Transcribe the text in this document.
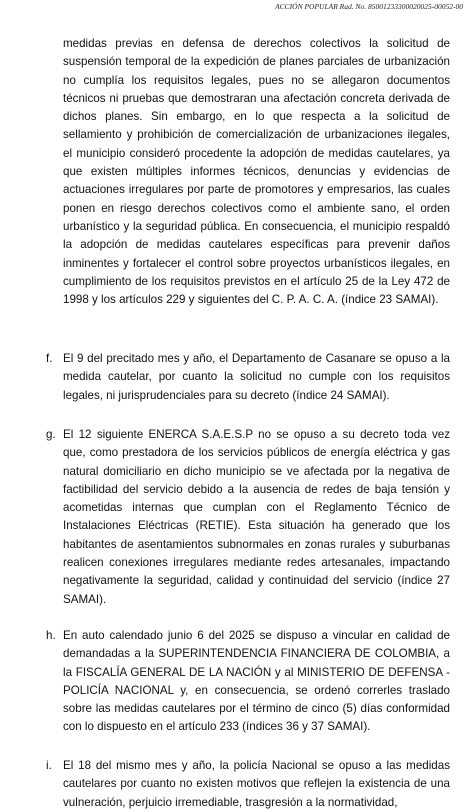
ACCIÓN POPULAR Rad. No. 85001233300020025-00052-00

medidas previas en defensa de derechos colectivos la solicitud de suspensión temporal de la expedición de planes parciales de urbanización no cumplía los requisitos legales, pues no se allegaron documentos técnicos ni pruebas que demostraran una afectación concreta derivada de dichos planes. Sin embargo, en lo que respecta a la solicitud de sellamiento y prohibición de comercialización de urbanizaciones ilegales, el municipio consideró procedente la adopción de medidas cautelares, ya que existen múltiples informes técnicos, denuncias y evidencias de actuaciones irregulares por parte de promotores y empresarios, las cuales ponen en riesgo derechos colectivos como el ambiente sano, el orden urbanístico y la seguridad pública. En consecuencia, el municipio respaldó la adopción de medidas cautelares específicas para prevenir daños inminentes y fortalecer el control sobre proyectos urbanísticos ilegales, en cumplimiento de los requisitos previstos en el artículo 25 de la Ley 472 de 1998 y los artículos 229 y siguientes del C. P. A. C. A. (índice 23 SAMAI).

f. El 9 del precitado mes y año, el Departamento de Casanare se opuso a la medida cautelar, por cuanto la solicitud no cumple con los requisitos legales, ni jurisprudenciales para su decreto (índice 24 SAMAI).

g. El 12 siguiente ENERCA S.A.E.S.P no se opuso a su decreto toda vez que, como prestadora de los servicios públicos de energía eléctrica y gas natural domiciliario en dicho municipio se ve afectada por la negativa de factibilidad del servicio debido a la ausencia de redes de baja tensión y acometidas internas que cumplan con el Reglamento Técnico de Instalaciones Eléctricas (RETIE). Esta situación ha generado que los habitantes de asentamientos subnormales en zonas rurales y suburbanas realicen conexiones irregulares mediante redes artesanales, impactando negativamente la seguridad, calidad y continuidad del servicio (índice 27 SAMAI).

h. En auto calendado junio 6 del 2025 se dispuso a vincular en calidad de demandadas a la SUPERINTENDENCIA FINANCIERA DE COLOMBIA, a la FISCALÍA GENERAL DE LA NACIÓN y al MINISTERIO DE DEFENSA - POLICÍA NACIONAL y, en consecuencia, se ordenó correrles traslado sobre las medidas cautelares por el término de cinco (5) días conformidad con lo dispuesto en el artículo 233 (índices 36 y 37 SAMAI).

i. El 18 del mismo mes y año, la policía Nacional se opuso a las medidas cautelares por cuanto no existen motivos que reflejen la existencia de una vulneración, perjuicio irremediable, trasgresión a la normatividad,
